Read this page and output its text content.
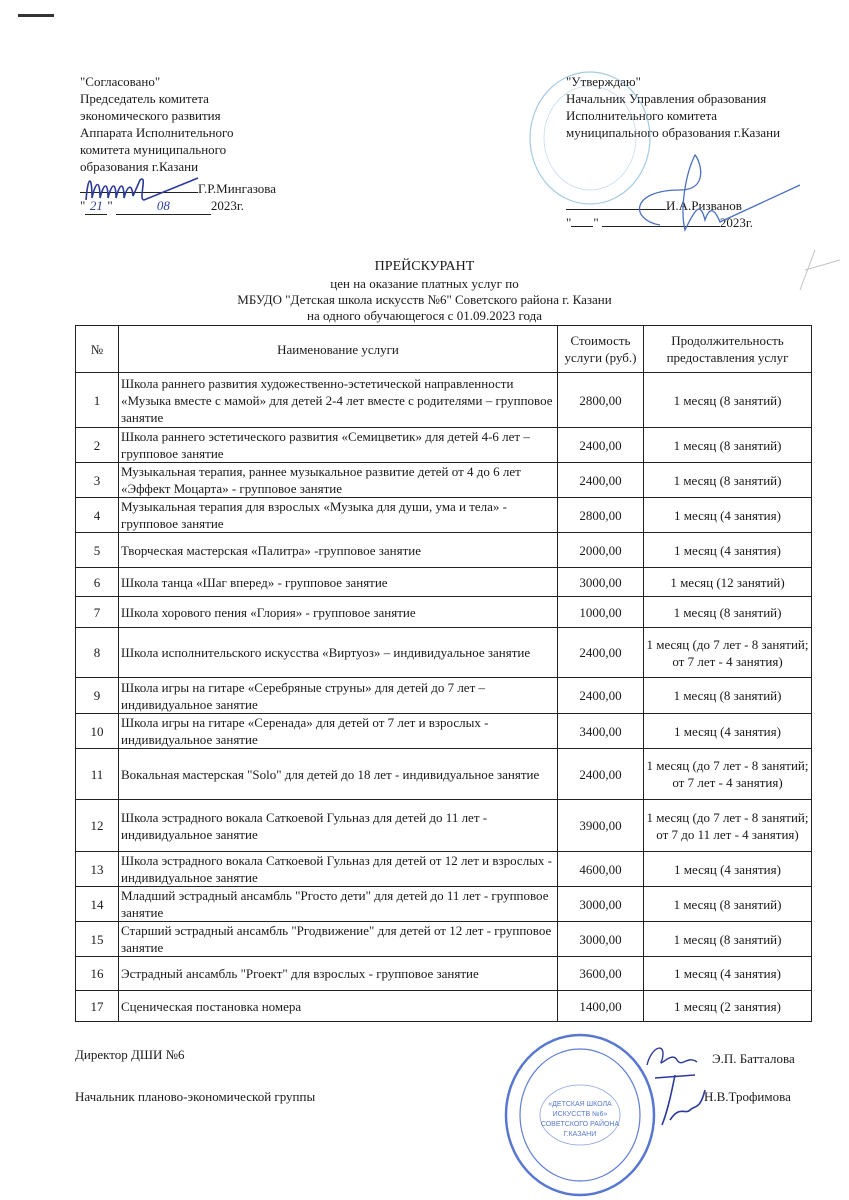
"Согласовано"
Председатель комитета
экономического развития
Аппарата Исполнительного
комитета муниципального
образования г.Казани
Г.Р.Мингазова
" 21 "	08	2023г.
"Утверждаю"
Начальник Управления образования
Исполнительного комитета
муниципального образования г.Казани
И.А.Ризванов
" "	2023г.
ПРЕЙСКУРАНТ
цен на оказание платных услуг по
МБУДО "Детская школа искусств №6" Советского района г. Казани
на одного обучающегося с 01.09.2023 года
№	Наименование услуги	Стоимость услуги (руб.)	Продолжительность предоставления услуг
1	Школа раннего развития художественно-эстетической направленности «Музыка вместе с мамой» для детей 2-4 лет вместе с родителями – групповое занятие	2800,00	1 месяц (8 занятий)
2	Школа раннего эстетического развития «Семицветик» для детей 4-6 лет – групповое занятие	2400,00	1 месяц (8 занятий)
3	Музыкальная терапия, раннее музыкальное развитие детей от 4 до 6 лет «Эффект Моцарта» - групповое занятие	2400,00	1 месяц (8 занятий)
4	Музыкальная терапия для взрослых «Музыка для души, ума и тела» - групповое занятие	2800,00	1 месяц (4 занятия)
5	Творческая мастерская «Палитра» -групповое занятие	2000,00	1 месяц (4 занятия)
6	Школа танца «Шаг вперед» - групповое занятие	3000,00	1 месяц (12 занятий)
7	Школа хорового пения «Глория» - групповое занятие	1000,00	1 месяц (8 занятий)
8	Школа исполнительского искусства «Виртуоз» – индивидуальное занятие	2400,00	1 месяц (до 7 лет - 8 занятий; от 7 лет - 4 занятия)
9	Школа игры на гитаре «Серебряные струны» для детей до 7 лет – индивидуальное занятие	2400,00	1 месяц (8 занятий)
10	Школа игры на гитаре «Серенада» для детей от 7 лет и взрослых - индивидуальное занятие	3400,00	1 месяц (4 занятия)
11	Вокальная мастерская "Solo" для детей до 18 лет - индивидуальное занятие	2400,00	1 месяц (до 7 лет - 8 занятий; от 7 лет - 4 занятия)
12	Школа эстрадного вокала Саткоевой Гульназ для детей до 11 лет - индивидуальное занятие	3900,00	1 месяц (до 7 лет - 8 занятий; от 7 до 11 лет - 4 занятия)
13	Школа эстрадного вокала Саткоевой Гульназ для детей от 12 лет и взрослых - индивидуальное занятие	4600,00	1 месяц (4 занятия)
14	Младший эстрадный ансамбль "Pгосто дети" для детей до 11 лет - групповое занятие	3000,00	1 месяц (8 занятий)
15	Старший эстрадный ансамбль "Pгодвижение" для детей от 12 лет - групповое занятие	3000,00	1 месяц (8 занятий)
16	Эстрадный ансамбль "Pгоект" для взрослых - групповое занятие	3600,00	1 месяц (4 занятия)
17	Сценическая постановка номера	1400,00	1 месяц (2 занятия)
Директор ДШИ №6	Э.П. Батталова
Начальник планово-экономической группы	Н.В.Трофимова
«ДЕТСКАЯ ШКОЛА
ИСКУССТВ №6»
СОВЕТСКОГО РАЙОНА
Г.КАЗАНИ
